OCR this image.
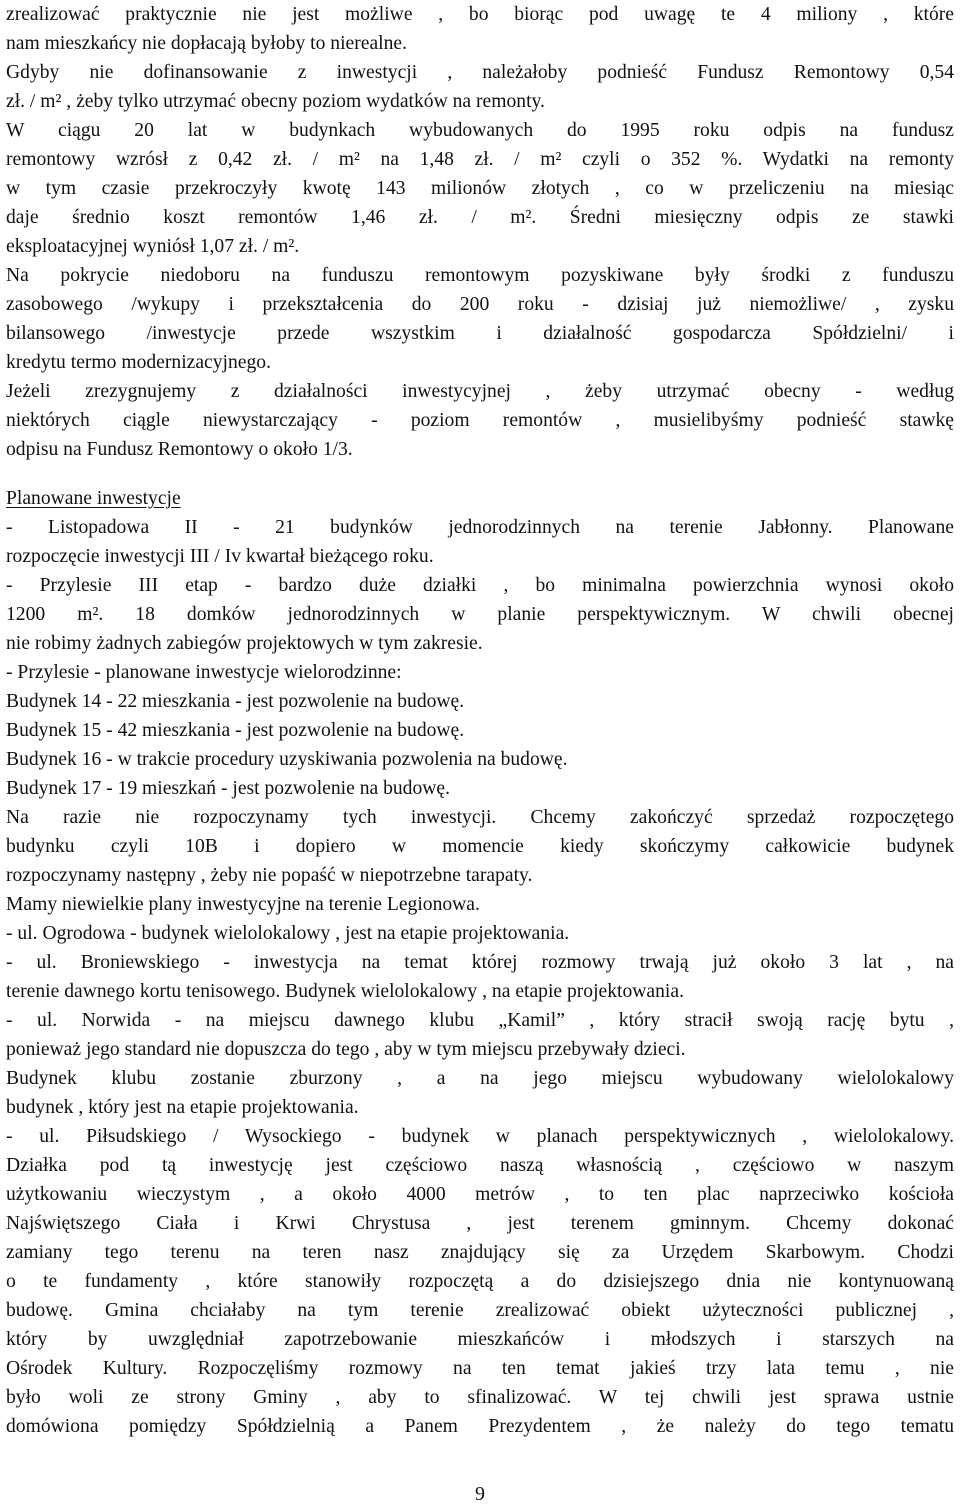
zrealizować praktycznie nie jest możliwe , bo biorąc pod uwagę te 4 miliony , które
nam mieszkańcy nie dopłacają byłoby to nierealne.
Gdyby nie dofinansowanie z inwestycji , należałoby podnieść Fundusz Remontowy 0,54
zł. / m² , żeby tylko utrzymać obecny poziom wydatków na remonty.
W ciągu 20 lat w budynkach wybudowanych do 1995 roku odpis na fundusz
remontowy wzrósł z 0,42 zł. / m² na 1,48 zł. / m² czyli o 352 %. Wydatki na remonty
w tym czasie przekroczyły kwotę 143 milionów złotych , co w przeliczeniu na miesiąc
daje średnio koszt remontów 1,46 zł. / m². Średni miesięczny odpis ze stawki
eksploatacyjnej wyniósł 1,07 zł. / m².
Na pokrycie niedoboru na funduszu remontowym pozyskiwane były środki z funduszu
zasobowego /wykupy i przekształcenia do 200 roku - dzisiaj już niemożliwe/ , zysku
bilansowego /inwestycje przede wszystkim i działalność gospodarcza Spółdzielni/ i
kredytu termo modernizacyjnego.
Jeżeli zrezygnujemy z działalności inwestycyjnej , żeby utrzymać obecny - według
niektórych ciągle niewystarczający - poziom remontów , musielibyśmy podnieść stawkę
odpisu na Fundusz Remontowy o około 1/3.
Planowane inwestycje
- Listopadowa II - 21 budynków jednorodzinnych na terenie Jabłonny. Planowane
rozpoczęcie inwestycji III / Iv kwartał bieżącego roku.
- Przylesie III etap - bardzo duże działki , bo minimalna powierzchnia wynosi około
1200 m². 18 domków jednorodzinnych w planie perspektywicznym. W chwili obecnej
nie robimy żadnych zabiegów projektowych w tym zakresie.
- Przylesie - planowane inwestycje wielorodzinne:
Budynek 14 - 22 mieszkania - jest pozwolenie na budowę.
Budynek 15 - 42 mieszkania - jest pozwolenie na budowę.
Budynek 16 - w trakcie procedury uzyskiwania pozwolenia na budowę.
Budynek 17 - 19 mieszkań - jest pozwolenie na budowę.
Na razie nie rozpoczynamy tych inwestycji. Chcemy zakończyć sprzedaż rozpoczętego
budynku czyli 10B i dopiero w momencie kiedy skończymy całkowicie budynek
rozpoczynamy następny , żeby nie popaść w niepotrzebne tarapaty.
Mamy niewielkie plany inwestycyjne na terenie Legionowa.
- ul. Ogrodowa - budynek wielolokalowy , jest na etapie projektowania.
- ul. Broniewskiego - inwestycja na temat której rozmowy trwają już około 3 lat , na
terenie dawnego kortu tenisowego. Budynek wielolokalowy , na etapie projektowania.
- ul. Norwida - na miejscu dawnego klubu „Kamil” , który stracił swoją rację bytu ,
ponieważ jego standard nie dopuszcza do tego , aby w tym miejscu przebywały dzieci.
Budynek klubu zostanie zburzony , a na jego miejscu wybudowany wielolokalowy
budynek , który jest na etapie projektowania.
- ul. Piłsudskiego / Wysockiego - budynek w planach perspektywicznych , wielolokalowy.
Działka pod tą inwestycję jest częściowo naszą własnością , częściowo w naszym
użytkowaniu wieczystym , a około 4000 metrów , to ten plac naprzeciwko kościoła
Najświętszego Ciała i Krwi Chrystusa , jest terenem gminnym. Chcemy dokonać
zamiany tego terenu na teren nasz znajdujący się za Urzędem Skarbowym. Chodzi
o te fundamenty , które stanowiły rozpoczętą a do dzisiejszego dnia nie kontynuowaną
budowę. Gmina chciałaby na tym terenie zrealizować obiekt użyteczności publicznej ,
który by uwzględniał zapotrzebowanie mieszkańców i młodszych i starszych na
Ośrodek Kultury. Rozpoczęliśmy rozmowy na ten temat jakieś trzy lata temu , nie
było woli ze strony Gminy , aby to sfinalizować. W tej chwili jest sprawa ustnie
domówiona pomiędzy Spółdzielnią a Panem Prezydentem , że należy do tego tematu
9
